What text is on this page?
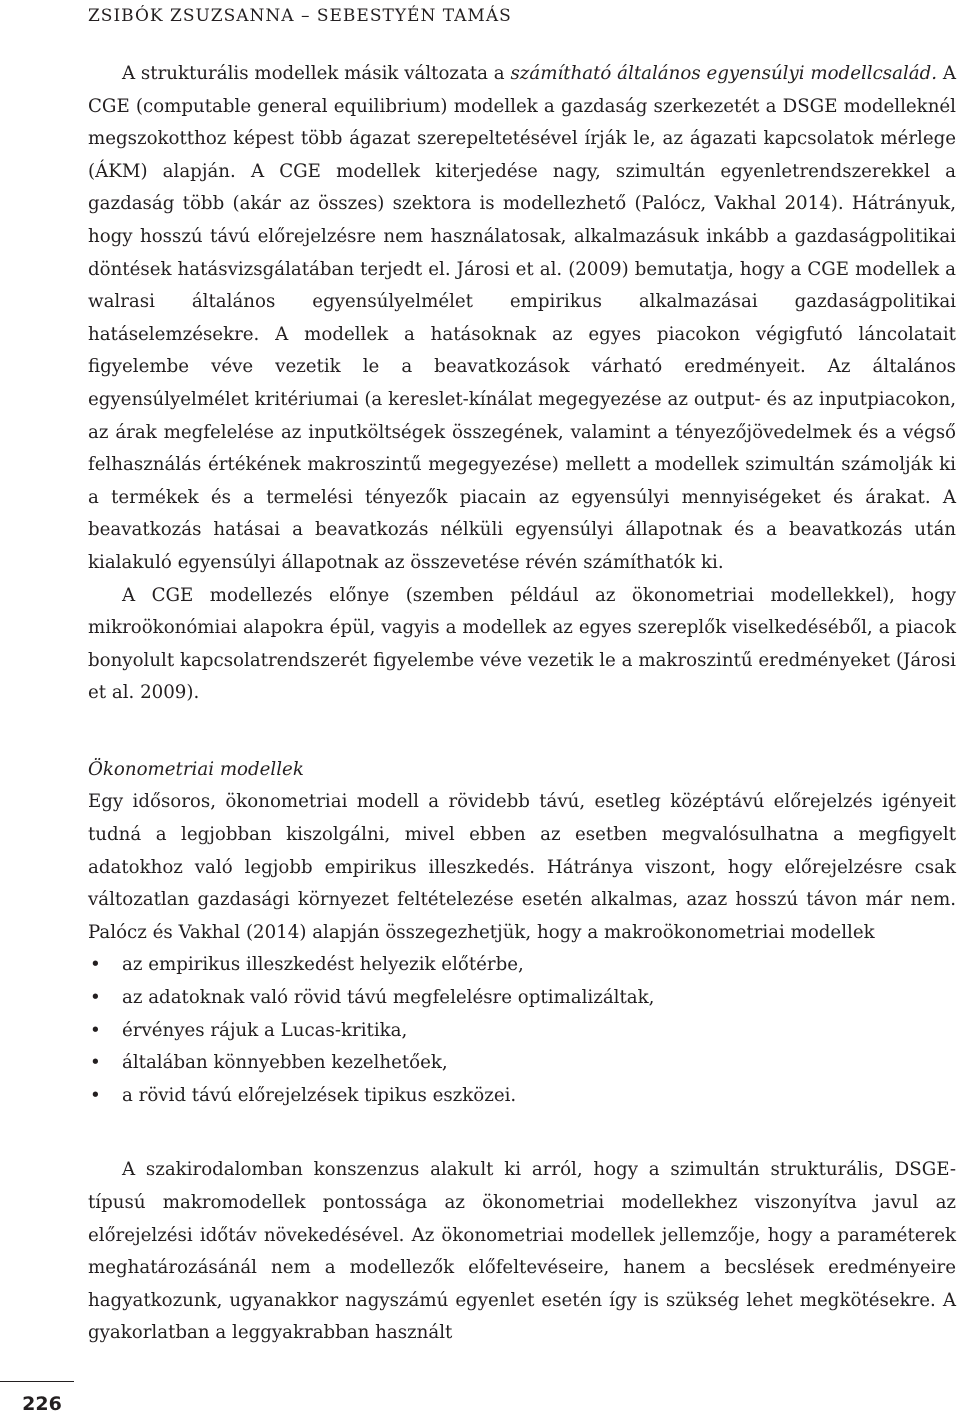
ZSIBÓK ZSUZSANNA – SEBESTYÉN TAMÁS

A strukturális modellek másik változata a számítható általános egyensúlyi modellcsalád. A CGE (computable general equilibrium) modellek a gazdaság szerkezetét a DSGE modelleknél megszokotthoz képest több ágazat szerepeltetésével írják le, az ágazati kapcsolatok mérlege (ÁKM) alapján. A CGE modellek kiterjedése nagy, szimultán egyenletrendszerekkel a gazdaság több (akár az összes) szektora is modellezhető (Palócz, Vakhal 2014). Hátrányuk, hogy hosszú távú előrejelzésre nem használatosak, alkalmazásuk inkább a gazdaságpolitikai döntések hatásvizsgálatában terjedt el. Járosi et al. (2009) bemutatja, hogy a CGE modellek a walrasi általános egyensúlyelmélet empirikus alkalmazásai gazdaságpolitikai hatáselemzésekre. A modellek a hatásoknak az egyes piacokon végigfutó láncolatait figyelembe véve vezetik le a beavatkozások várható eredményeit. Az általános egyensúlyelmélet kritériumai (a kereslet-kínálat megegyezése az output- és az inputpiacokon, az árak megfelelése az inputköltségek összegének, valamint a tényezőjövedelmek és a végső felhasználás értékének makroszintű megegyezése) mellett a modellek szimultán számolják ki a termékek és a termelési tényezők piacain az egyensúlyi mennyiségeket és árakat. A beavatkozás hatásai a beavatkozás nélküli egyensúlyi állapotnak és a beavatkozás után kialakuló egyensúlyi állapotnak az összevetése révén számíthatók ki.

A CGE modellezés előnye (szemben például az ökonometriai modellekkel), hogy mikroökonómiai alapokra épül, vagyis a modellek az egyes szereplők viselkedéséből, a piacok bonyolult kapcsolatrendszerét figyelembe véve vezetik le a makroszintű eredményeket (Járosi et al. 2009).

Ökonometriai modellek

Egy idősoros, ökonometriai modell a rövidebb távú, esetleg középtávú előrejelzés igényeit tudná a legjobban kiszolgálni, mivel ebben az esetben megvalósulhatna a megfigyelt adatokhoz való legjobb empirikus illeszkedés. Hátránya viszont, hogy előrejelzésre csak változatlan gazdasági környezet feltételezése esetén alkalmas, azaz hosszú távon már nem. Palócz és Vakhal (2014) alapján összegezhetjük, hogy a makroökonometriai modellek

• az empirikus illeszkedést helyezik előtérbe,
• az adatoknak való rövid távú megfelelésre optimalizáltak,
• érvényes rájuk a Lucas-kritika,
• általában könnyebben kezelhetőek,
• a rövid távú előrejelzések tipikus eszközei.

A szakirodalomban konszenzus alakult ki arról, hogy a szimultán strukturális, DSGE-típusú makromodellek pontossága az ökonometriai modellekhez viszonyítva javul az előrejelzési időtáv növekedésével. Az ökonometriai modellek jellemzője, hogy a paraméterek meghatározásánál nem a modellezők előfeltevéseire, hanem a becslések eredményeire hagyatkozunk, ugyanakkor nagyszámú egyenlet esetén így is szükség lehet megkötésekre. A gyakorlatban a leggyakrabban használt

226
